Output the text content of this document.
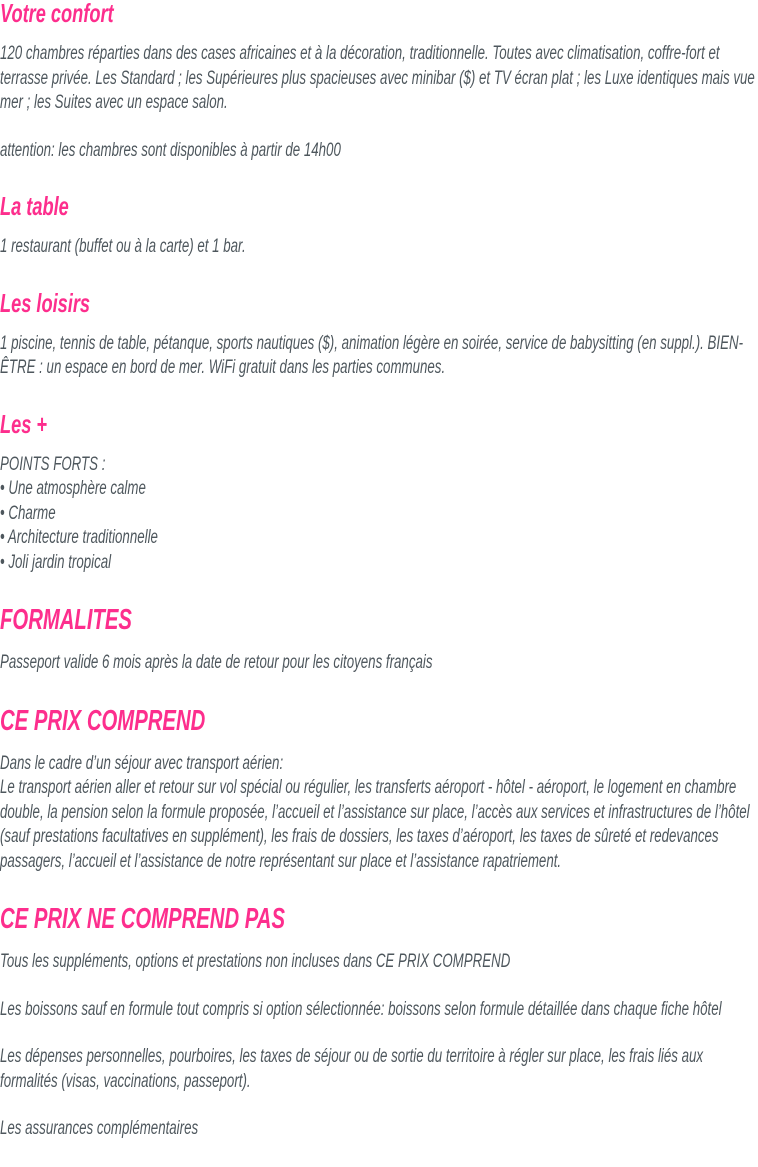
Votre confort

120 chambres réparties dans des cases africaines et à la décoration, traditionnelle. Toutes avec climatisation, coffre-fort et terrasse privée. Les Standard ; les Supérieures plus spacieuses avec minibar ($) et TV écran plat ; les Luxe identiques mais vue mer ; les Suites avec un espace salon.

attention: les chambres sont disponibles à partir de 14h00

La table

1 restaurant (buffet ou à la carte) et 1 bar.

Les loisirs

1 piscine, tennis de table, pétanque, sports nautiques ($), animation légère en soirée, service de babysitting (en suppl.). BIEN-ÊTRE : un espace en bord de mer. WiFi gratuit dans les parties communes.

Les +

POINTS FORTS :
• Une atmosphère calme
• Charme
• Architecture traditionnelle
• Joli jardin tropical

FORMALITES

Passeport valide 6 mois après la date de retour pour les citoyens français

CE PRIX COMPREND

Dans le cadre d’un séjour avec transport aérien:
Le transport aérien aller et retour sur vol spécial ou régulier, les transferts aéroport - hôtel - aéroport, le logement en chambre double, la pension selon la formule proposée, l’accueil et l’assistance sur place, l’accès aux services et infrastructures de l’hôtel (sauf prestations facultatives en supplément), les frais de dossiers, les taxes d’aéroport, les taxes de sûreté et redevances passagers, l’accueil et l’assistance de notre représentant sur place et l’assistance rapatriement.

CE PRIX NE COMPREND PAS

Tous les suppléments, options et prestations non incluses dans CE PRIX COMPREND

Les boissons sauf en formule tout compris si option sélectionnée: boissons selon formule détaillée dans chaque fiche hôtel

Les dépenses personnelles, pourboires, les taxes de séjour ou de sortie du territoire à régler sur place, les frais liés aux formalités (visas, vaccinations, passeport).

Les assurances complémentaires
